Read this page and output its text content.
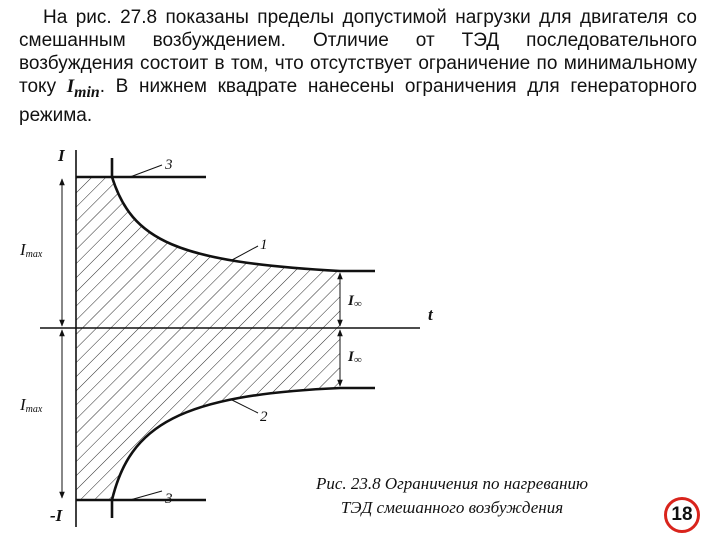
На рис. 27.8 показаны пределы допустимой нагрузки для двигателя со смешанным возбуждением. Отличие от ТЭД последовательного возбуждения состоит в том, что отсутствует ограничение по минимальному току $I_{min}$. В нижнем квадрате нанесены ограничения для генераторного режима.

I
-I
t
Imax
Imax
3
1
2
3
I∞
I∞
Рис. 23.8 Ограничения по нагреванию
ТЭД смешанного возбуждения	18
